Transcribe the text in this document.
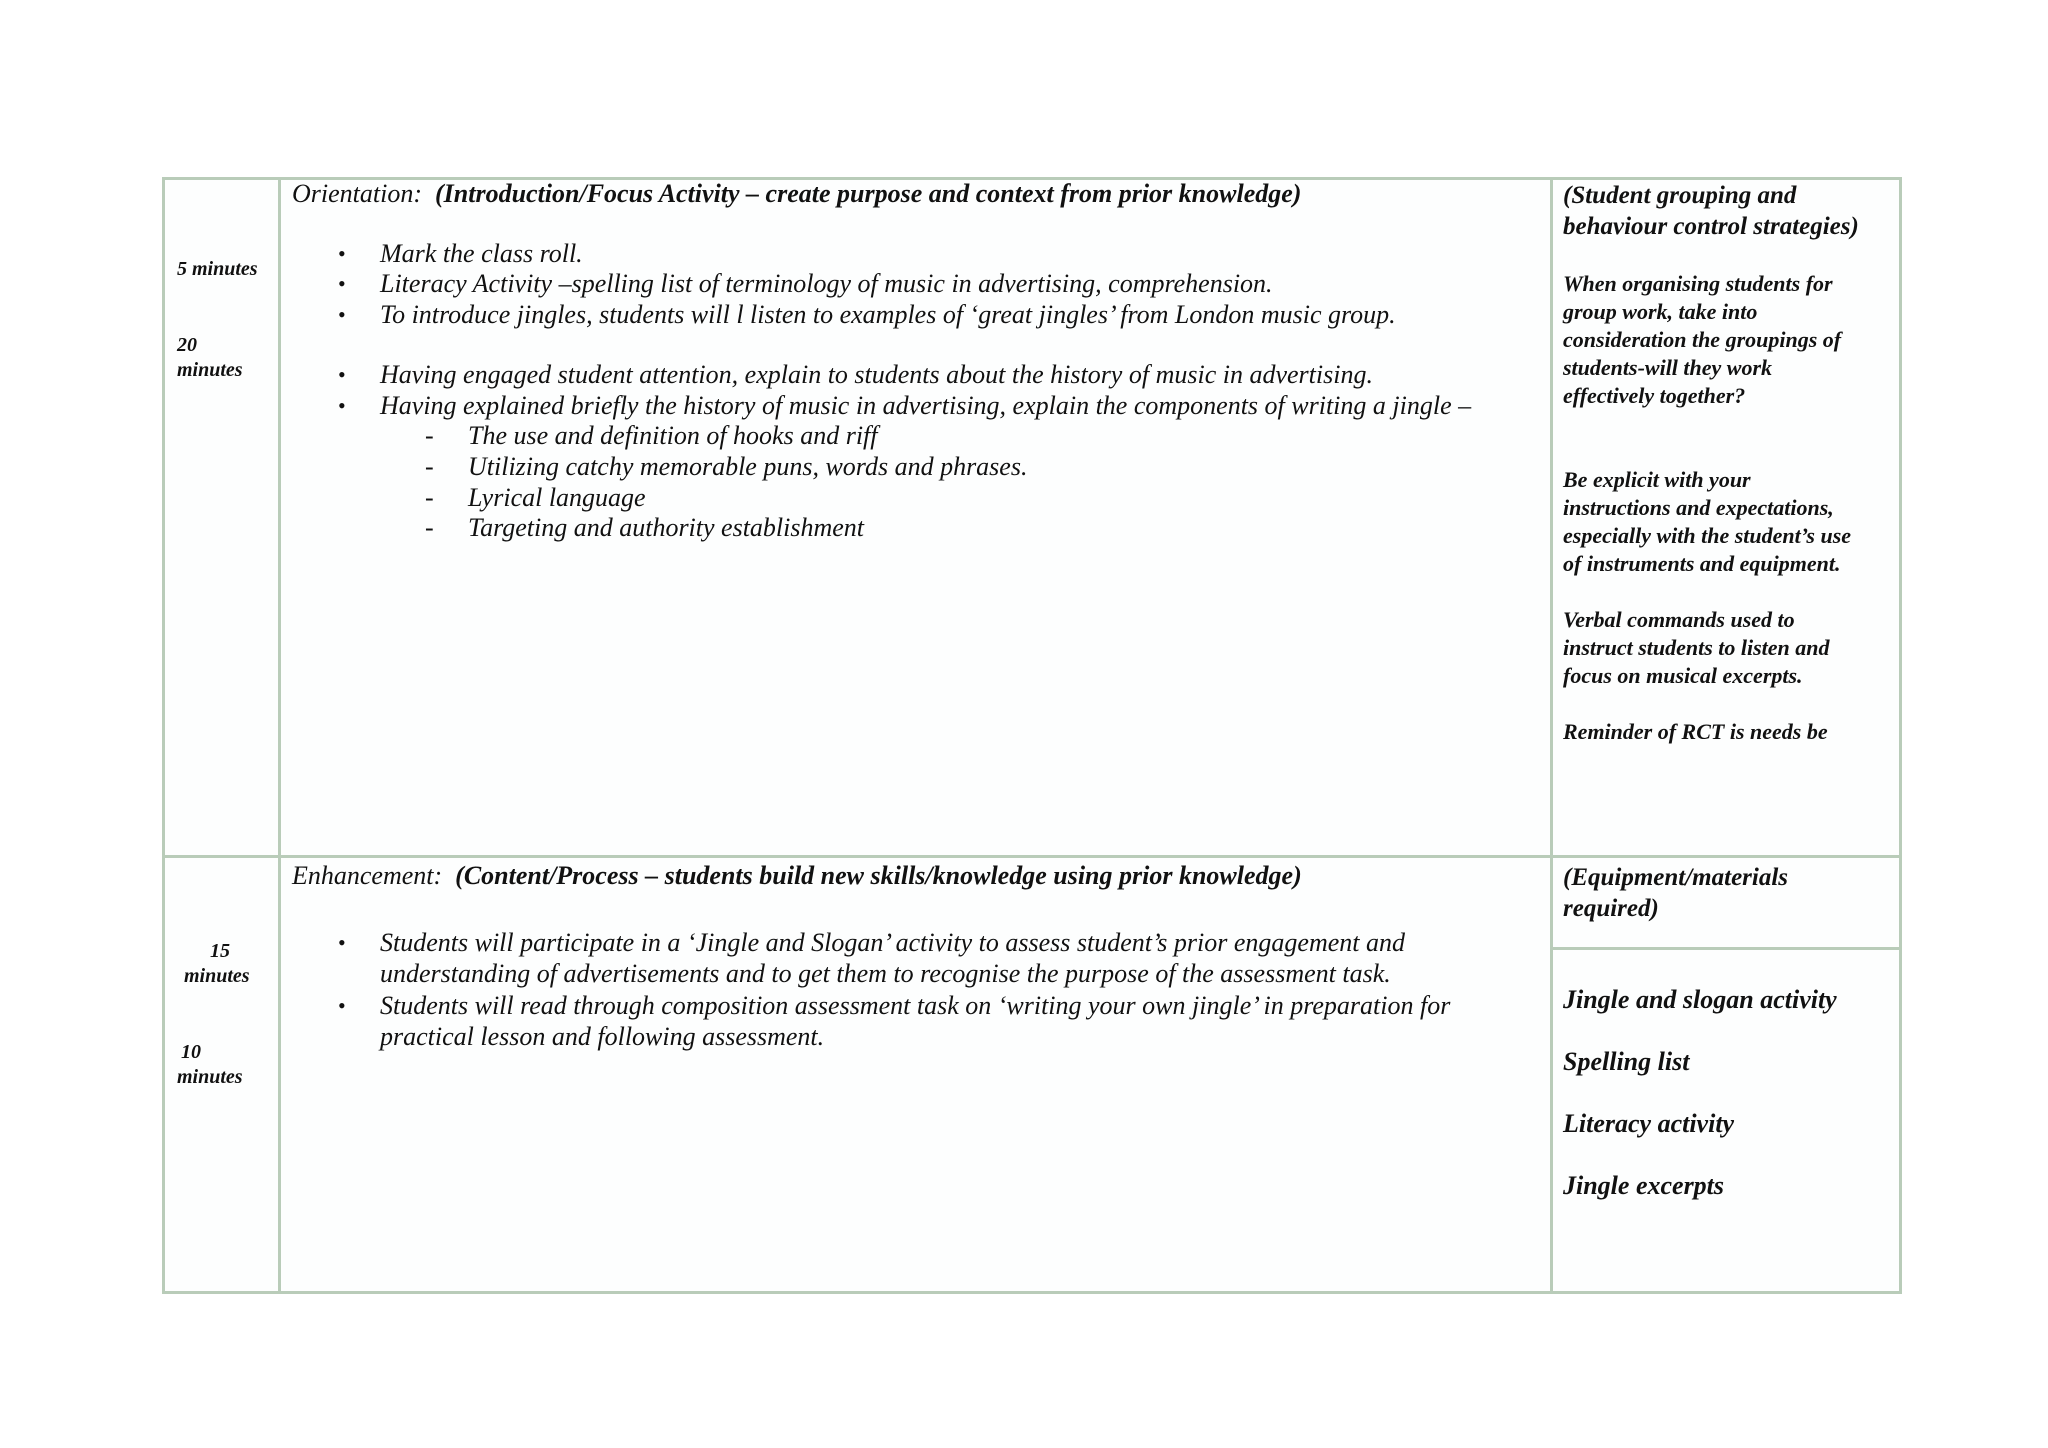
5 minutes
20
minutes
Orientation: (Introduction/Focus Activity – create purpose and context from prior knowledge)
• Mark the class roll.
• Literacy Activity –spelling list of terminology of music in advertising, comprehension.
• To introduce jingles, students will l listen to examples of ‘great jingles’ from London music group.
• Having engaged student attention, explain to students about the history of music in advertising.
• Having explained briefly the history of music in advertising, explain the components of writing a jingle –
- The use and definition of hooks and riff
- Utilizing catchy memorable puns, words and phrases.
- Lyrical language
- Targeting and authority establishment
(Student grouping and
behaviour control strategies)
When organising students for
group work, take into
consideration the groupings of
students-will they work
effectively together?
Be explicit with your
instructions and expectations,
especially with the student’s use
of instruments and equipment.
Verbal commands used to
instruct students to listen and
focus on musical excerpts.
Reminder of RCT is needs be
15
minutes
10
minutes
Enhancement: (Content/Process – students build new skills/knowledge using prior knowledge)
• Students will participate in a ‘Jingle and Slogan’ activity to assess student’s prior engagement and
understanding of advertisements and to get them to recognise the purpose of the assessment task.
• Students will read through composition assessment task on ‘writing your own jingle’ in preparation for
practical lesson and following assessment.
(Equipment/materials
required)
Jingle and slogan activity
Spelling list
Literacy activity
Jingle excerpts
